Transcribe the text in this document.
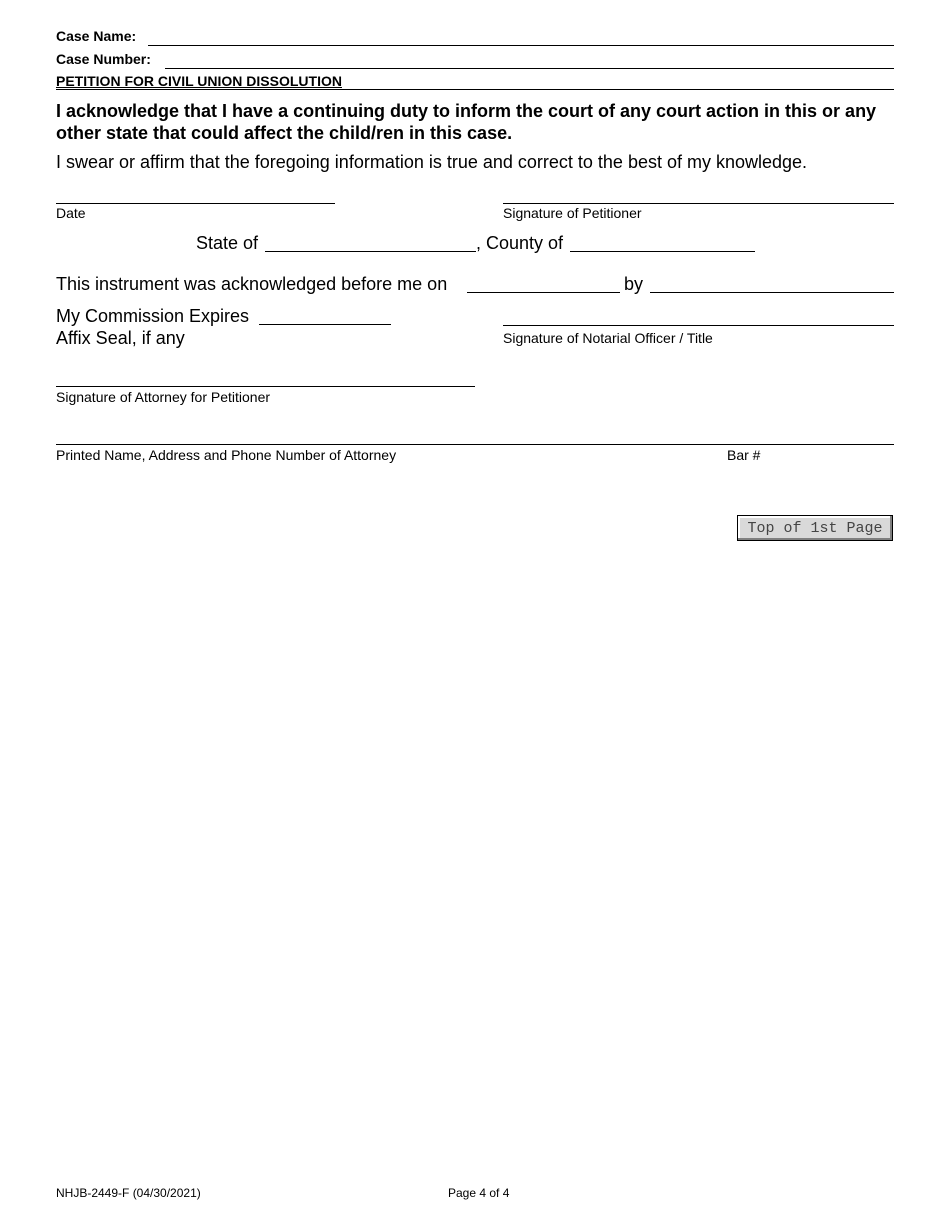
Case Name:
Case Number:
PETITION FOR CIVIL UNION DISSOLUTION
I acknowledge that I have a continuing duty to inform the court of any court action in this or any other state that could affect the child/ren in this case.
I swear or affirm that the foregoing information is true and correct to the best of my knowledge.
Date	Signature of Petitioner
State of	, County of
This instrument was acknowledged before me on	by
My Commission Expires
Affix Seal, if any	Signature of Notarial Officer / Title
Signature of Attorney for Petitioner
Printed Name, Address and Phone Number of Attorney	Bar #
Top of 1st Page
NHJB-2449-F (04/30/2021)	Page 4 of 4
